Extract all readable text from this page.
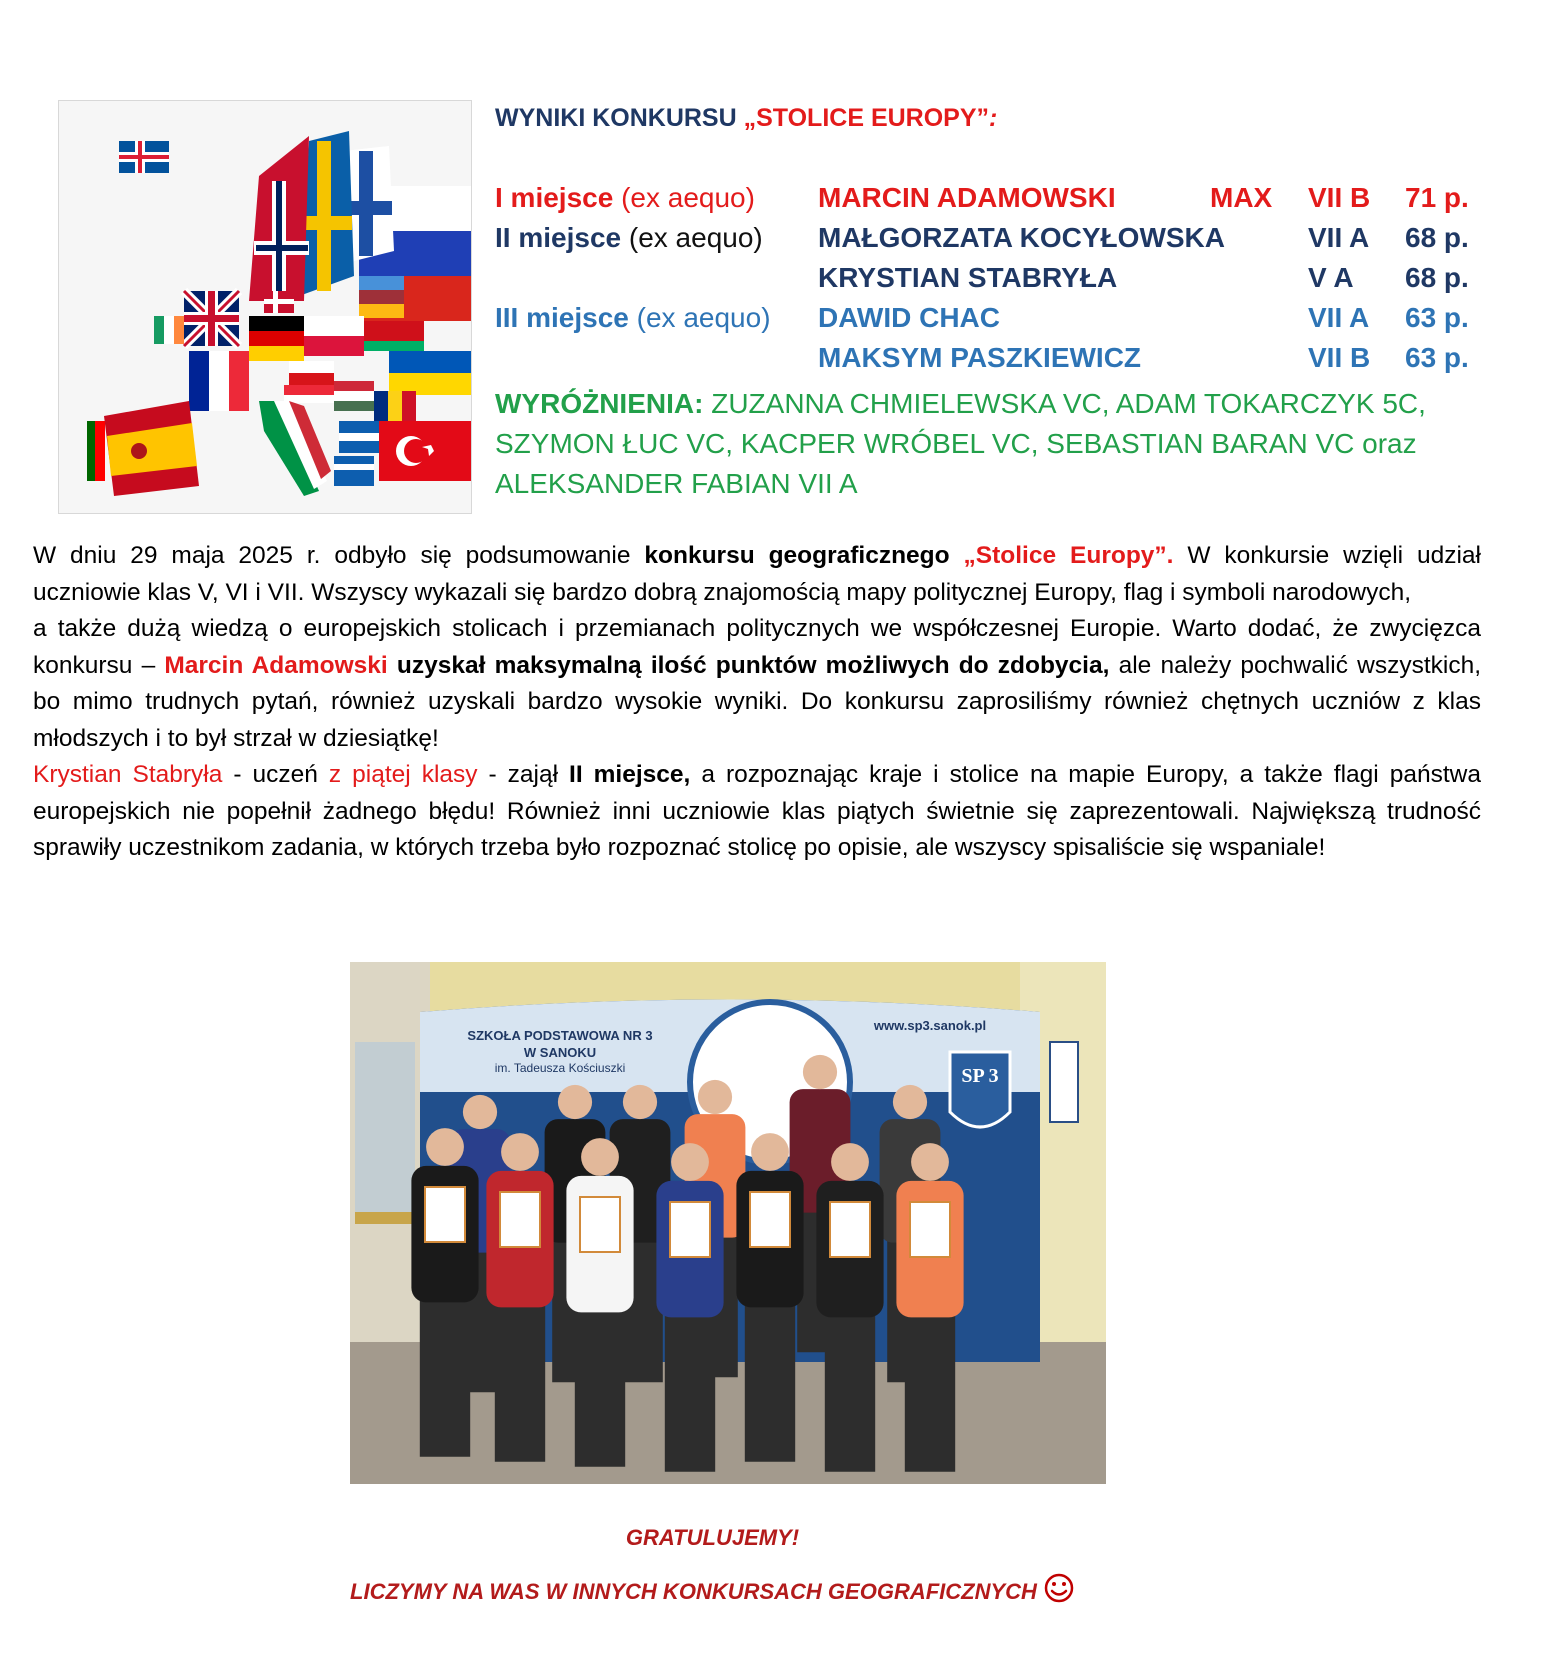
WYNIKI KONKURSU „STOLICE EUROPY”:
I miejsce (ex aequo) MARCIN ADAMOWSKI	MAX VII B 71 p.
II miejsce (ex aequo) MAŁGORZATA KOCYŁOWSKA	VII A 68 p.
KRYSTIAN STABRYŁA	V A 68 p.
III miejsce (ex aequo) DAWID CHAC	VII A 63 p.
MAKSYM PASZKIEWICZ	VII B 63 p.
WYRÓŻNIENIA: ZUZANNA CHMIELEWSKA VC, ADAM TOKARCZYK 5C, SZYMON ŁUC VC, KACPER WRÓBEL VC, SEBASTIAN BARAN VC oraz ALEKSANDER FABIAN VII A

W dniu 29 maja 2025 r. odbyło się podsumowanie konkursu geograficznego „Stolice Europy”. W konkursie wzięli udział uczniowie klas V, VI i VII. Wszyscy wykazali się bardzo dobrą znajomością mapy politycznej Europy, flag i symboli narodowych,

a także dużą wiedzą o europejskich stolicach i przemianach politycznych we współczesnej Europie. Warto dodać, że zwycięzca konkursu – Marcin Adamowski uzyskał maksymalną ilość punktów możliwych do zdobycia, ale należy pochwalić wszystkich, bo mimo trudnych pytań, również uzyskali bardzo wysokie wyniki. Do konkursu zaprosiliśmy również chętnych uczniów z klas młodszych i to był strzał w dziesiątkę!

Krystian Stabryła - uczeń z piątej klasy - zajął II miejsce, a rozpoznając kraje i stolice na mapie Europy, a także flagi państwa europejskich nie popełnił żadnego błędu! Również inni uczniowie klas piątych świetnie się zaprezentowali. Największą trudność sprawiły uczestnikom zadania, w których trzeba było rozpoznać stolicę po opisie, ale wszyscy spisaliście się wspaniale!

SZKOŁA PODSTAWOWA NR 3
W SANOKU
im. Tadeusza Kościuszki
www.sp3.sanok.pl
SP 3
GRATULUJEMY!
LICZYMY NA WAS W INNYCH KONKURSACH GEOGRAFICZNYCH
